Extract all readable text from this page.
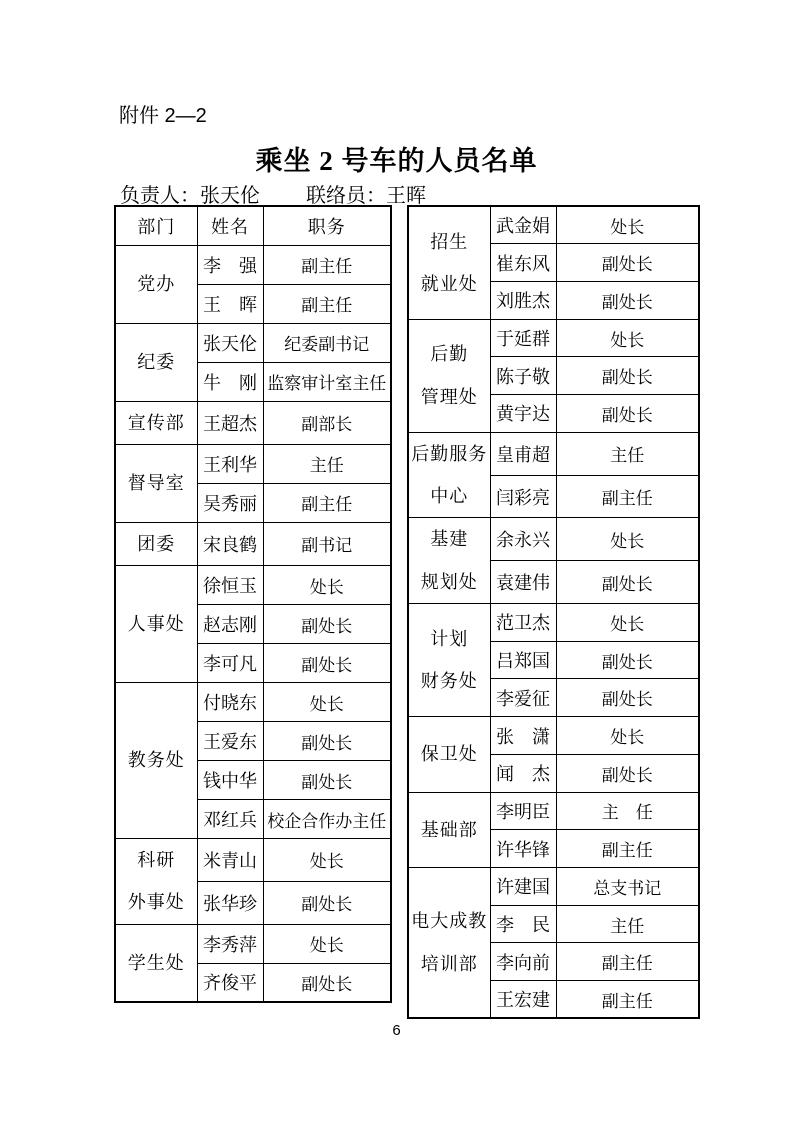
附件 2—2
乘坐 2 号车的人员名单
负责人：张天伦 联络员：王晖
部门	姓名	职务
党办	李　强	副主任
	王　晖	副主任
纪委	张天伦	纪委副书记
	牛　刚	监察审计室主任
宣传部	王超杰	副部长
督导室	王利华	主任
	吴秀丽	副主任
团委	宋良鹤	副书记
人事处	徐恒玉	处长
	赵志刚	副处长
	李可凡	副处长
教务处	付晓东	处长
	王爱东	副处长
	钱中华	副处长
	邓红兵	校企合作办主任
科研
外事处	米青山	处长
	张华珍	副处长
学生处	李秀萍	处长
	齐俊平	副处长
招生
就业处	武金娟	处长
	崔东风	副处长
	刘胜杰	副处长
后勤
管理处	于延群	处长
	陈子敬	副处长
	黄宇达	副处长
后勤服务
中心	皇甫超	主任
	闫彩亮	副主任
基建
规划处	余永兴	处长
	袁建伟	副处长
计划
财务处	范卫杰	处长
	吕郑国	副处长
	李爱征	副处长
保卫处	张　潇	处长
	闻　杰	副处长
基础部	李明臣	主　任
	许华锋	副主任
电大成教
培训部	许建国	总支书记
	李　民	主任
	李向前	副主任
	王宏建	副主任
6
